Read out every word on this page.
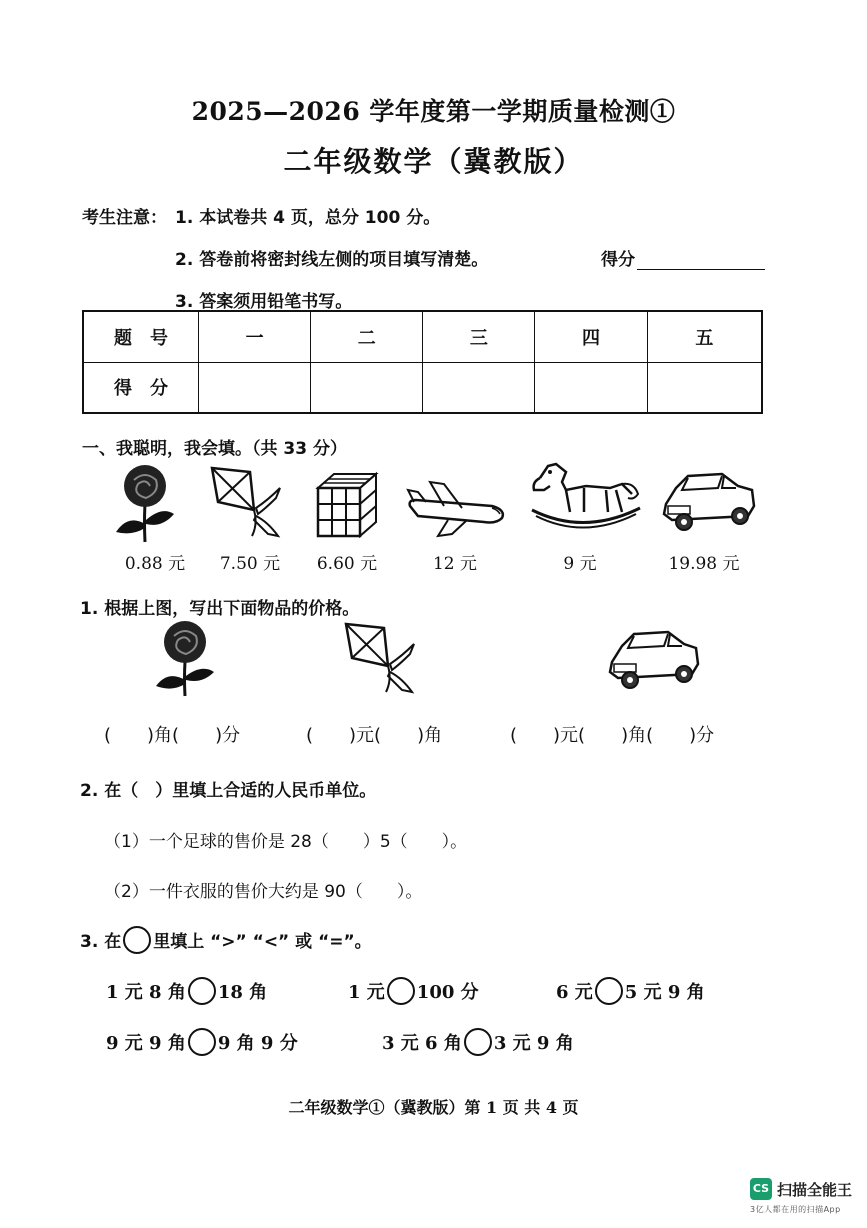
2025—2026 学年度第一学期质量检测①
二年级数学（冀教版）
考生注意： 1. 本试卷共 4 页，总分 100 分。
2. 答卷前将密封线左侧的项目填写清楚。	得分
3. 答案须用铅笔书写。
题　号	一	二	三	四	五
得　分					
一、我聪明，我会填。（共 33 分）
0.88 元	7.50 元	6.60 元	12 元	9 元	19.98 元
1. 根据上图，写出下面物品的价格。
(　　)角(　　)分	(　　)元(　　)角	(　　)元(　　)角(　　)分
2. 在（　）里填上合适的人民币单位。
（1）一个足球的售价是 28（　　）5（　　）。
（2）一件衣服的售价大约是 90（　　）。
3. 在 里填上 “>” “<” 或 “=”。
1 元 8 角 18 角	1 元 100 分	6 元 5 元 9 角
9 元 9 角 9 角 9 分	3 元 6 角 3 元 9 角
二年级数学①（冀教版）第 1 页 共 4 页
CS 扫描全能王
3亿人都在用的扫描App
